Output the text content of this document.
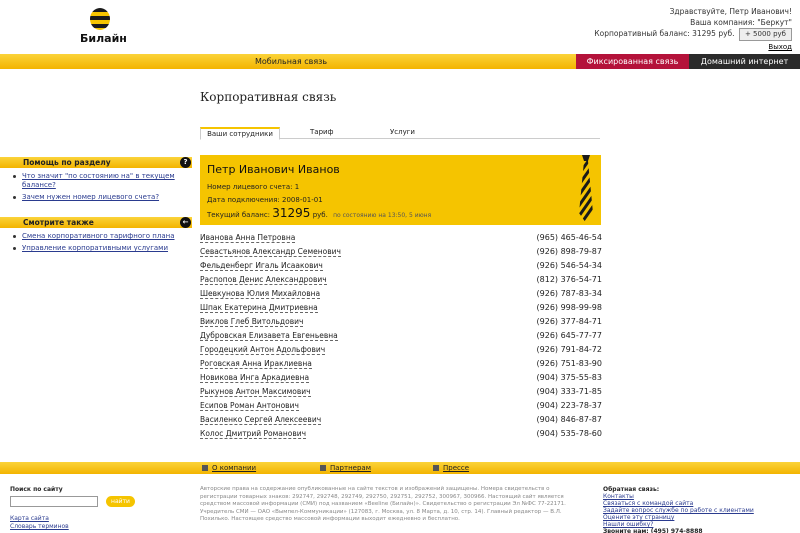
Билайн
Здравствуйте, Петр Иванович!
Ваша компания: "Беркут"
Корпоративный баланс: 31295 руб. + 5000 руб
Выход
Мобильная связь	Фиксированная связь	Домашний интернет
Корпоративная связь
Ваши сотрудники	Тариф	Услуги
Помощь по разделу	?
Что значит "по состоянию на" в текущем балансе?
Зачем нужен номер лицевого счета?
Смотрите также	←
Смена корпоративного тарифного плана
Управление корпоративными услугами
Петр Иванович Иванов
Номер лицевого счета: 1
Дата подключения: 2008-01-01
Текущий баланс: 31295 руб. по состоянию на 13:50, 5 июня
Иванова Анна Петровна	(965) 465-46-54
Севастьянов Александр Семенович	(926) 898-79-87
Фельденберг Игаль Исаакович	(926) 546-54-34
Распопов Денис Александрович	(812) 376-54-71
Шевкунова Юлия Михайловна	(926) 787-83-34
Шпак Екатерина Дмитриевна	(926) 998-99-98
Виклов Глеб Витольдович	(926) 377-84-71
Дубровская Елизавета Евгеньевна	(926) 645-77-77
Городецкий Антон Адольфович	(926) 791-84-72
Роговская Анна Ираклиевна	(926) 751-83-90
Новикова Инга Аркадиевна	(904) 375-55-83
Рыкунов Антон Максимович	(904) 333-71-85
Есипов Роман Антонович	(904) 223-78-37
Василенко Сергей Алексеевич	(904) 846-87-87
Колос Дмитрий Романович	(904) 535-78-60
О компании	Партнерам	Прессе
Поиск по сайту
найти
Карта сайта
Словарь терминов
Авторские права на содержание опубликованные на сайте текстов и изображений защищены. Номера свидетельств о регистрации товарных знаков: 292747, 292748, 292749, 292750, 292751, 292752, 300967, 300966. Настоящий сайт является средством массовой информации (СМИ) под названием «Beeline (Билайн)». Свидетельство о регистрации Эл №ФС 77-22171. Учредитель СМИ — ОАО «Вымпел-Коммуникации» (127083, г. Москва, ул. 8 Марта, д. 10, стр. 14). Главный редактор — В.Л. Похилько. Настоящее средство массовой информации выходит ежедневно и бесплатно.
Обратная связь:
Контакты
Связаться с командой сайта
Задайте вопрос службе по работе с клиентами
Оцените эту страницу
Нашли ошибку?
Звоните нам: (495) 974-8888
